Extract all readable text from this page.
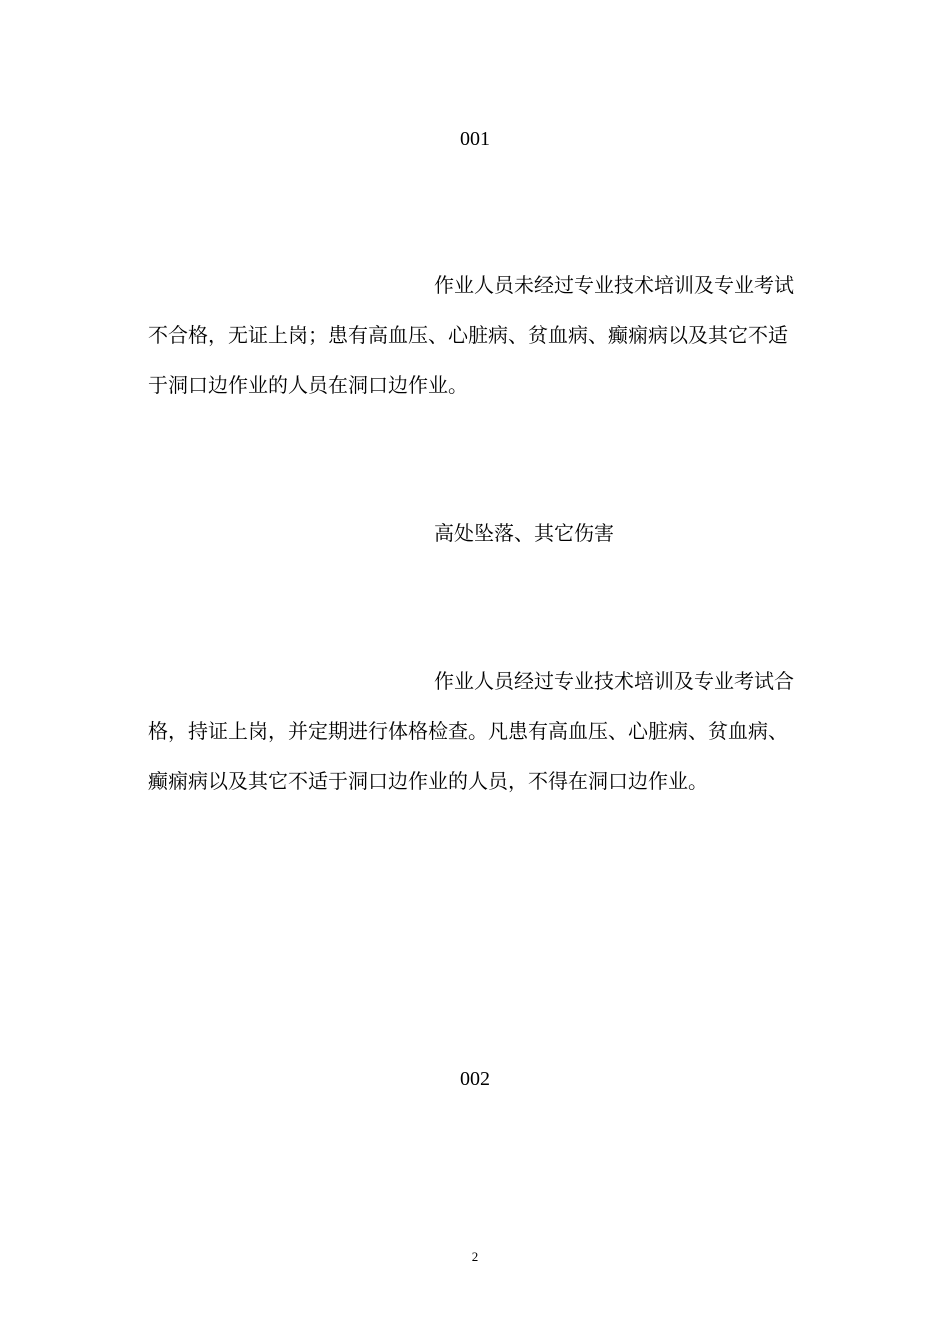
001

作业人员未经过专业技术培训及专业考试不合格，无证上岗；患有高血压、心脏病、贫血病、癫痫病以及其它不适于洞口边作业的人员在洞口边作业。

高处坠落、其它伤害

作业人员经过专业技术培训及专业考试合格，持证上岗，并定期进行体格检查。凡患有高血压、心脏病、贫血病、癫痫病以及其它不适于洞口边作业的人员，不得在洞口边作业。

002
2
